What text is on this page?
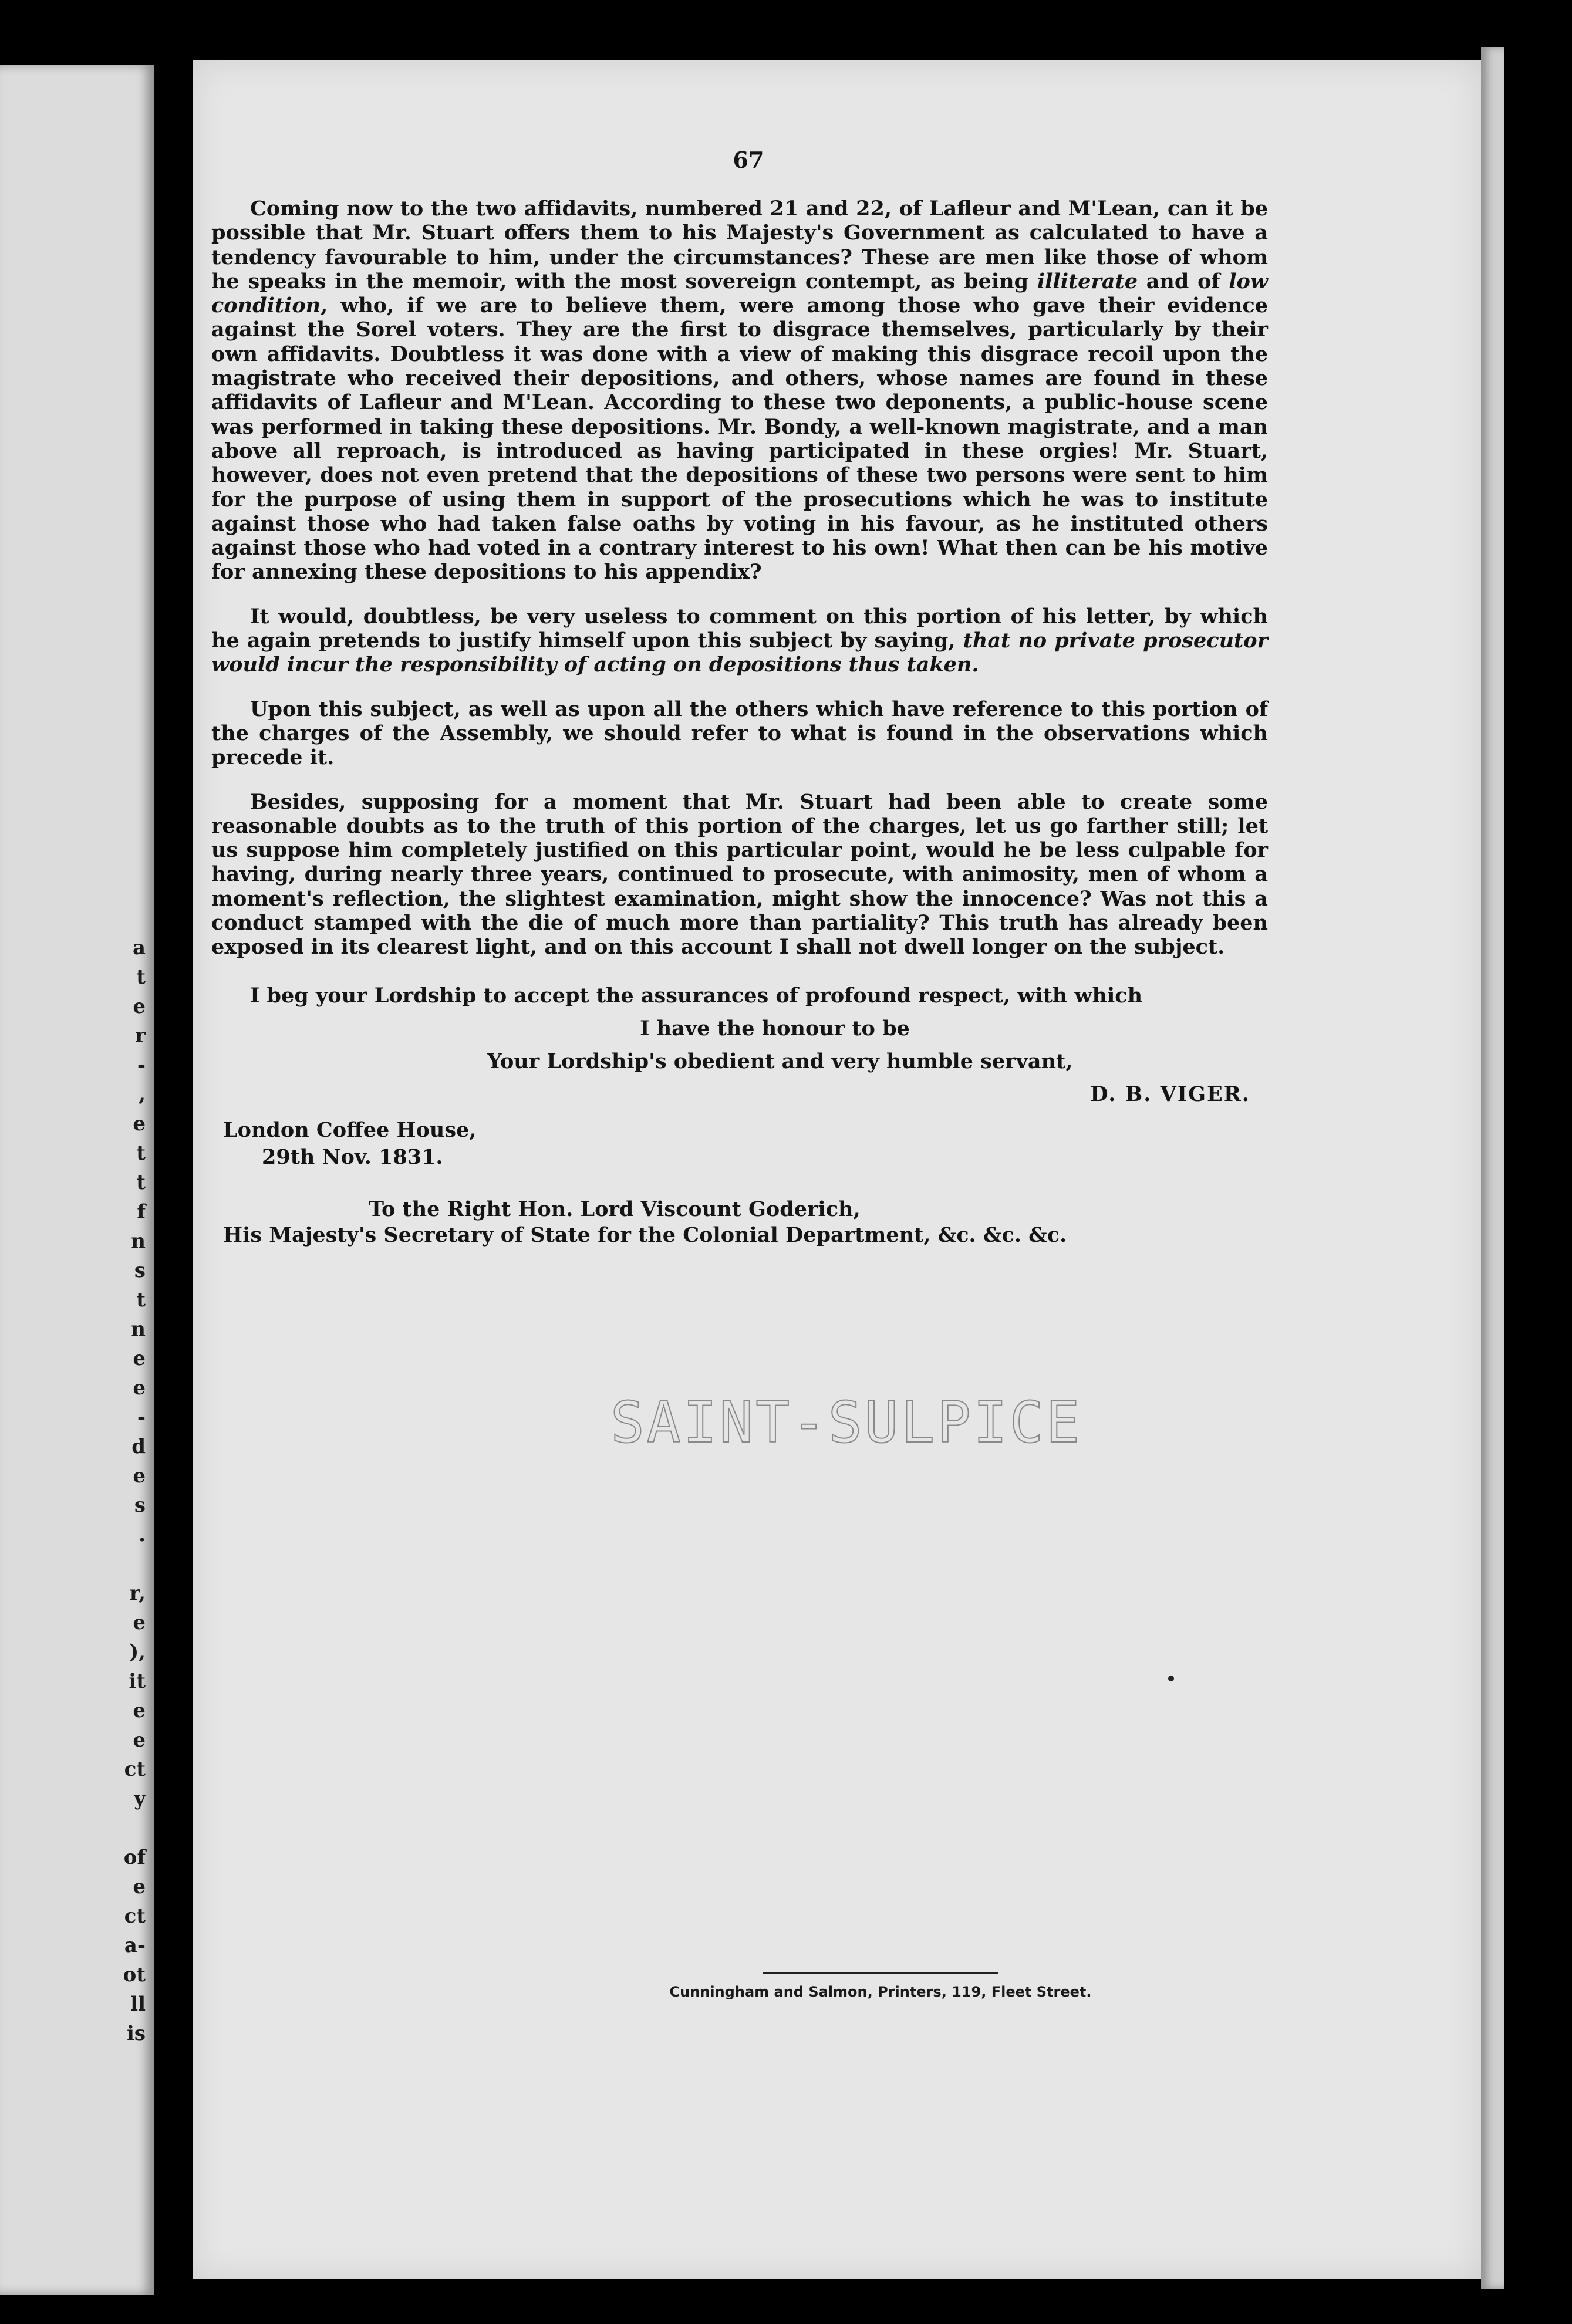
a
t
e
r
-
,
e
t
t
f
n
s
t
n
e
e
-
d
e
s
.

r,
e
),
it
e
e
ct
y

of
e
ct
a-
ot
ll
is
67

Coming now to the two affidavits, numbered 21 and 22, of Lafleur and M'Lean, can it be possible that Mr. Stuart offers them to his Majesty's Government as calculated to have a tendency favourable to him, under the circumstances? These are men like those of whom he speaks in the memoir, with the most sovereign contempt, as being illiterate and of low condition, who, if we are to believe them, were among those who gave their evidence against the Sorel voters. They are the first to disgrace themselves, particularly by their own affidavits. Doubtless it was done with a view of making this disgrace recoil upon the magistrate who received their depositions, and others, whose names are found in these affidavits of Lafleur and M'Lean. According to these two deponents, a public-house scene was performed in taking these depositions. Mr. Bondy, a well-known magistrate, and a man above all reproach, is introduced as having participated in these orgies! Mr. Stuart, however, does not even pretend that the depositions of these two persons were sent to him for the purpose of using them in support of the prosecutions which he was to institute against those who had taken false oaths by voting in his favour, as he instituted others against those who had voted in a contrary interest to his own! What then can be his motive for annexing these depositions to his appendix?

It would, doubtless, be very useless to comment on this portion of his letter, by which he again pretends to justify himself upon this subject by saying, that no private prosecutor would incur the responsibility of acting on depositions thus taken.

Upon this subject, as well as upon all the others which have reference to this portion of the charges of the Assembly, we should refer to what is found in the observations which precede it.

Besides, supposing for a moment that Mr. Stuart had been able to create some reasonable doubts as to the truth of this portion of the charges, let us go farther still; let us suppose him completely justified on this particular point, would he be less culpable for having, during nearly three years, continued to prosecute, with animosity, men of whom a moment's reflection, the slightest examination, might show the innocence? Was not this a conduct stamped with the die of much more than partiality? This truth has already been exposed in its clearest light, and on this account I shall not dwell longer on the subject.

I beg your Lordship to accept the assurances of profound respect, with which

I have the honour to be

Your Lordship's obedient and very humble servant,

D. B. VIGER.

London Coffee House,
29th Nov. 1831.
To the Right Hon. Lord Viscount Goderich,
His Majesty's Secretary of State for the Colonial Department, &c. &c. &c.
SAINT-SULPICE
Cunningham and Salmon, Printers, 119, Fleet Street.
